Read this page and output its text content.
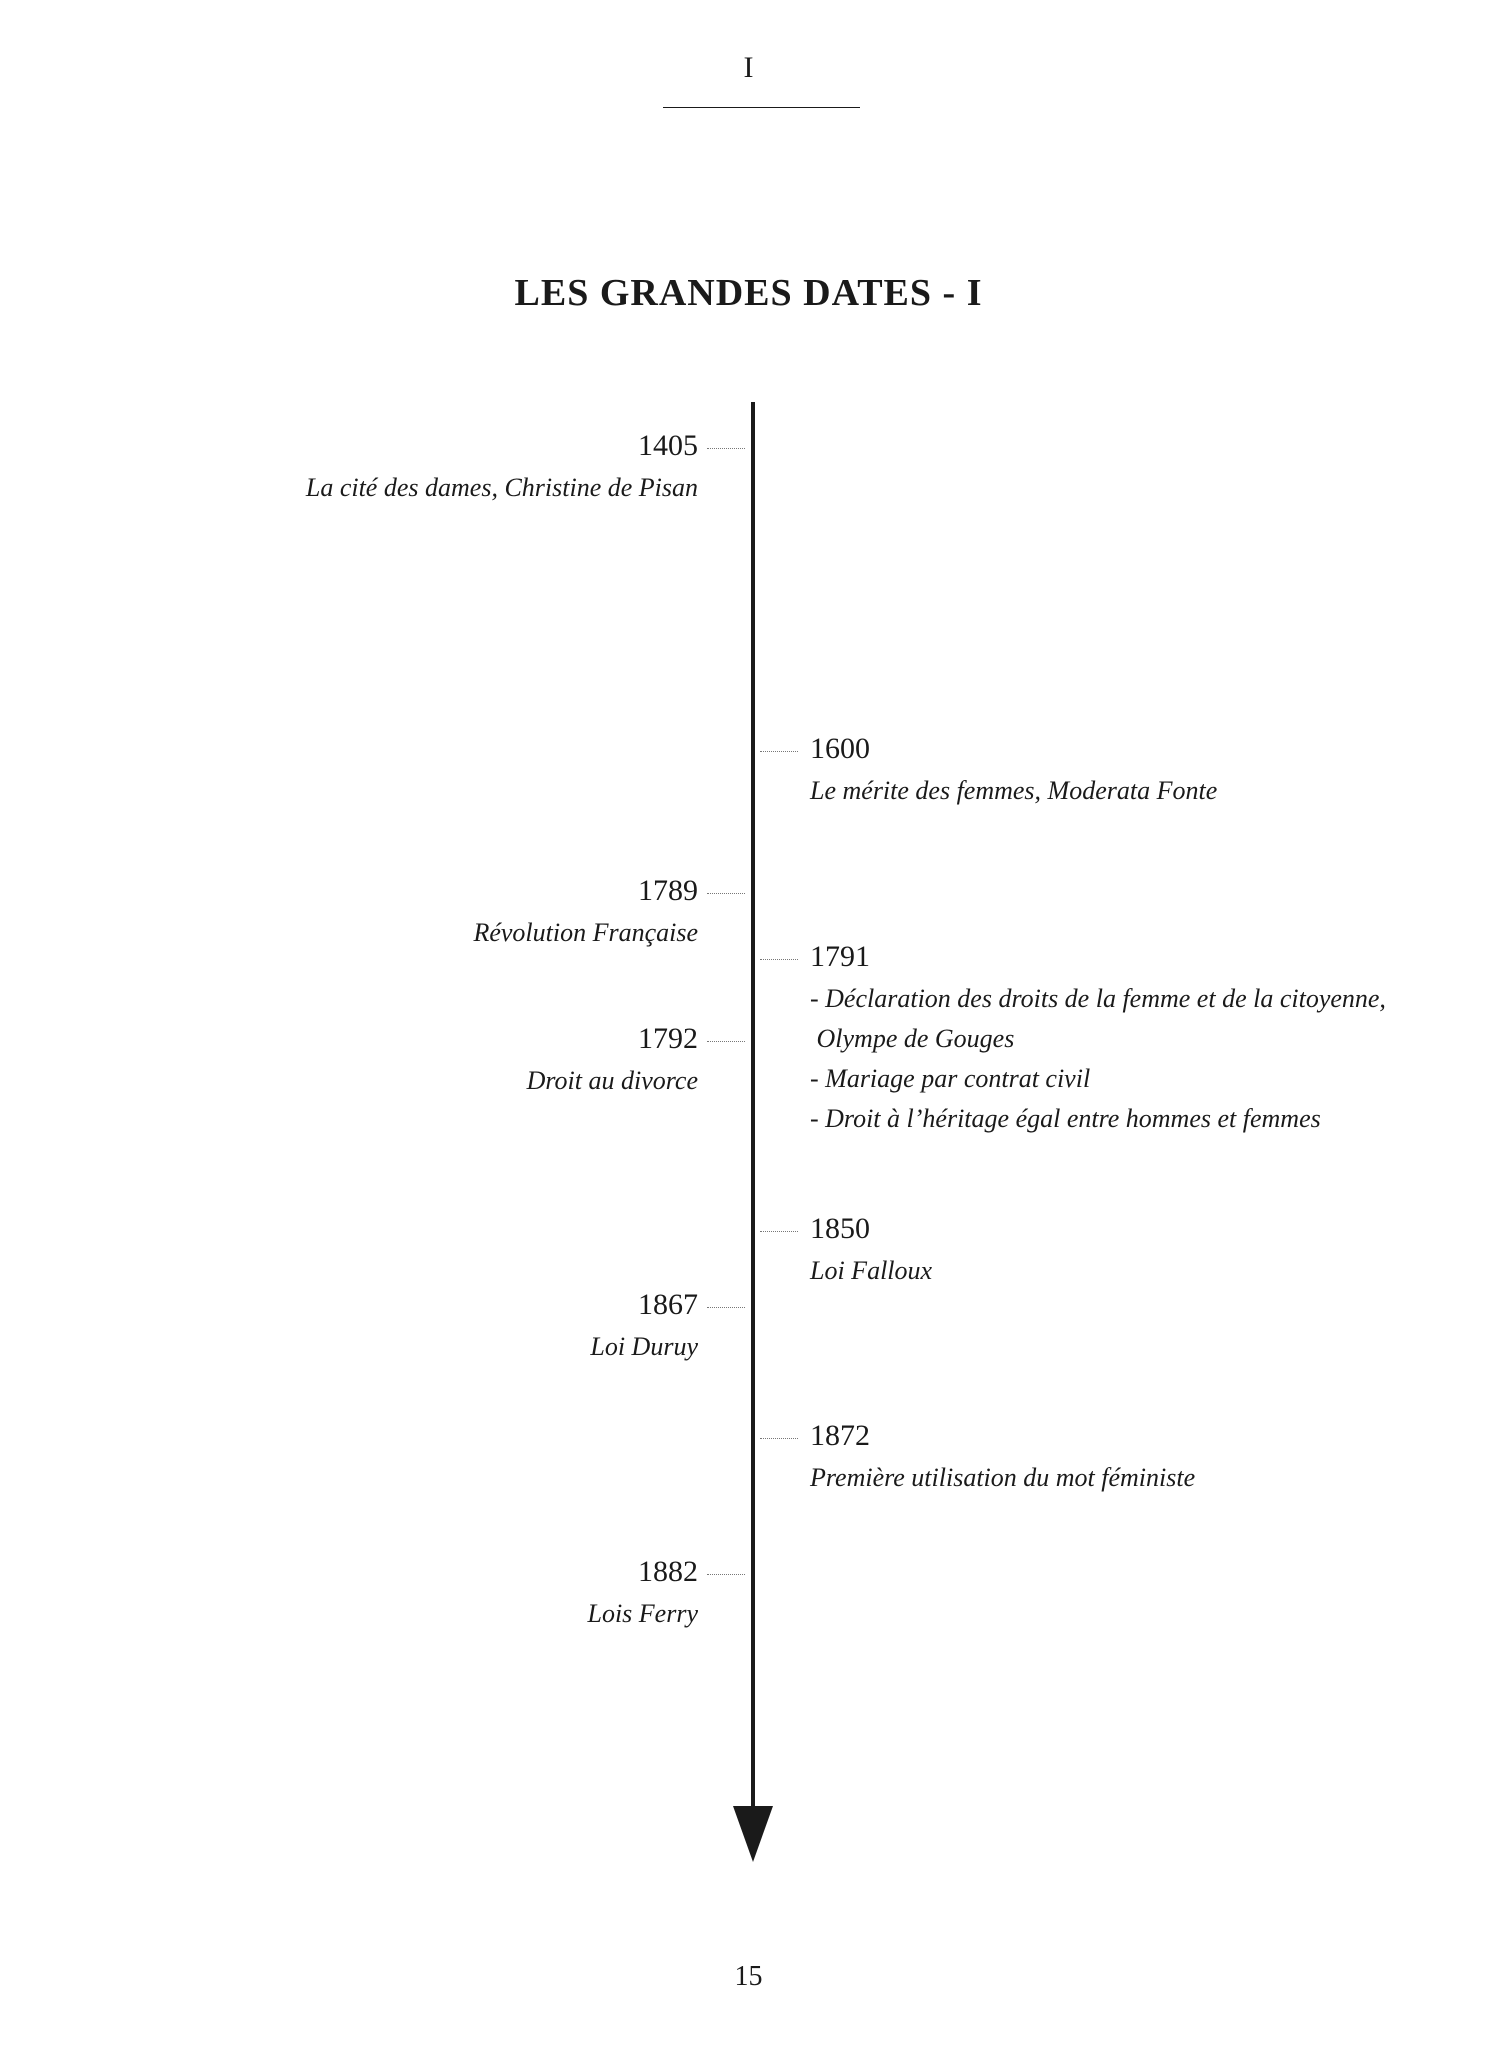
I
LES GRANDES DATES - I
1405
La cité des dames, Christine de Pisan
1789
Révolution Française
1792
Droit au divorce
1867
Loi Duruy
1882
Lois Ferry
1600
Le mérite des femmes, Moderata Fonte
1791
- Déclaration des droits de la femme et de la citoyenne,
Olympe de Gouges
- Mariage par contrat civil
- Droit à l’héritage égal entre hommes et femmes
1850
Loi Falloux
1872
Première utilisation du mot féministe
15
